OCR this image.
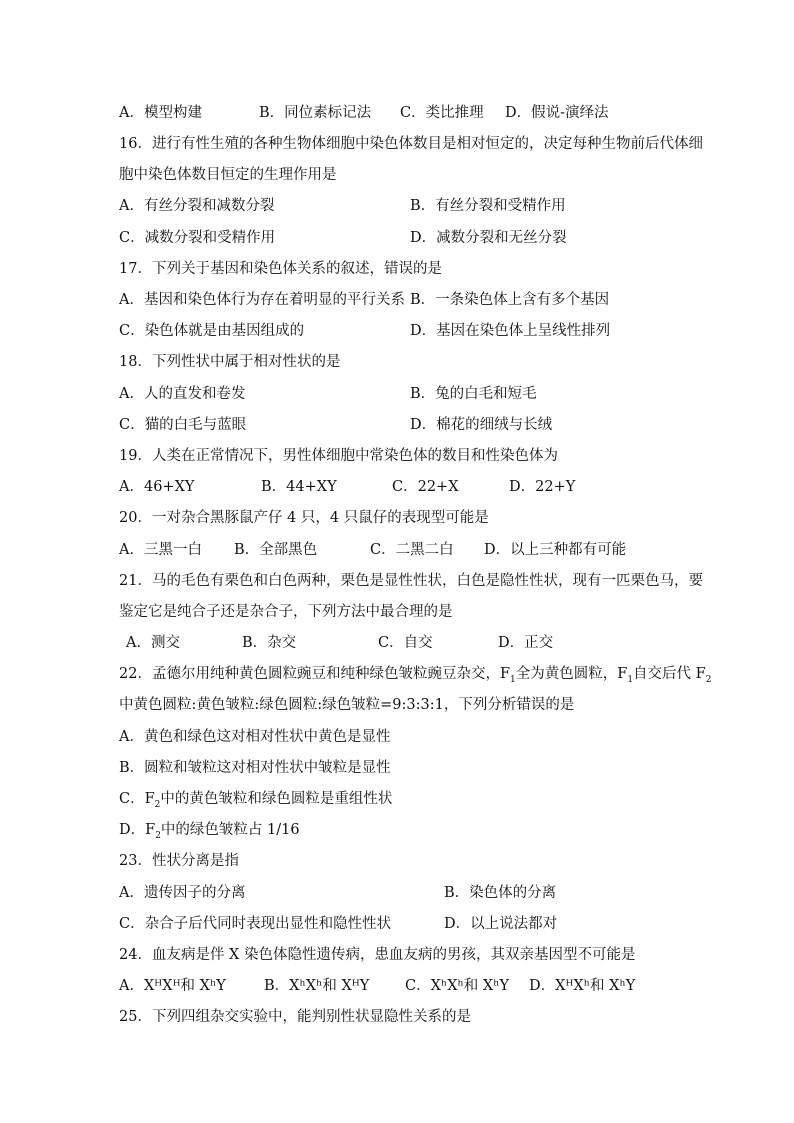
A．模型构建	B．同位素标记法 C．类比推理 D．假说-演绎法
16．进行有性生殖的各种生物体细胞中染色体数目是相对恒定的，决定每种生物前后代体细
胞中染色体数目恒定的生理作用是
A．有丝分裂和减数分裂	B．有丝分裂和受精作用
C．减数分裂和受精作用	D．减数分裂和无丝分裂
17．下列关于基因和染色体关系的叙述，错误的是
A．基因和染色体行为存在着明显的平行关系 B．一条染色体上含有多个基因
C．染色体就是由基因组成的	D．基因在染色体上呈线性排列
18．下列性状中属于相对性状的是
A．人的直发和卷发	B．兔的白毛和短毛
C．猫的白毛与蓝眼	D．棉花的细绒与长绒
19．人类在正常情况下，男性体细胞中常染色体的数目和性染色体为
A．46+XY	B．44+XY	C．22+X	D．22+Y
20．一对杂合黑豚鼠产仔 4 只，4 只鼠仔的表现型可能是
A．三黑一白 B．全部黑色	C．二黑二白 D．以上三种都有可能
21．马的毛色有栗色和白色两种，栗色是显性性状，白色是隐性性状，现有一匹栗色马，要
鉴定它是纯合子还是杂合子，下列方法中最合理的是
A．测交	B．杂交	C．自交	D．正交
22．孟德尔用纯种黄色圆粒豌豆和纯种绿色皱粒豌豆杂交，$F_1$全为黄色圆粒，$F_1$自交后代 $F_2$
中黄色圆粒:黄色皱粒:绿色圆粒:绿色皱粒=9:3:3:1，下列分析错误的是
A．黄色和绿色这对相对性状中黄色是显性
B．圆粒和皱粒这对相对性状中皱粒是显性
C．$F_2$中的黄色皱粒和绿色圆粒是重组性状
D．$F_2$中的绿色皱粒占 1/16
23．性状分离是指
A．遗传因子的分离	B．染色体的分离
C．杂合子后代同时表现出显性和隐性性状	D．以上说法都对
24．血友病是伴 X 染色体隐性遗传病，患血友病的男孩，其双亲基因型不可能是
A．XᴴXᴴ和 XʰY	B．XʰXʰ和 XᴴY C．XʰXʰ和 XʰY D．XᴴXʰ和 XʰY
25．下列四组杂交实验中，能判别性状显隐性关系的是
